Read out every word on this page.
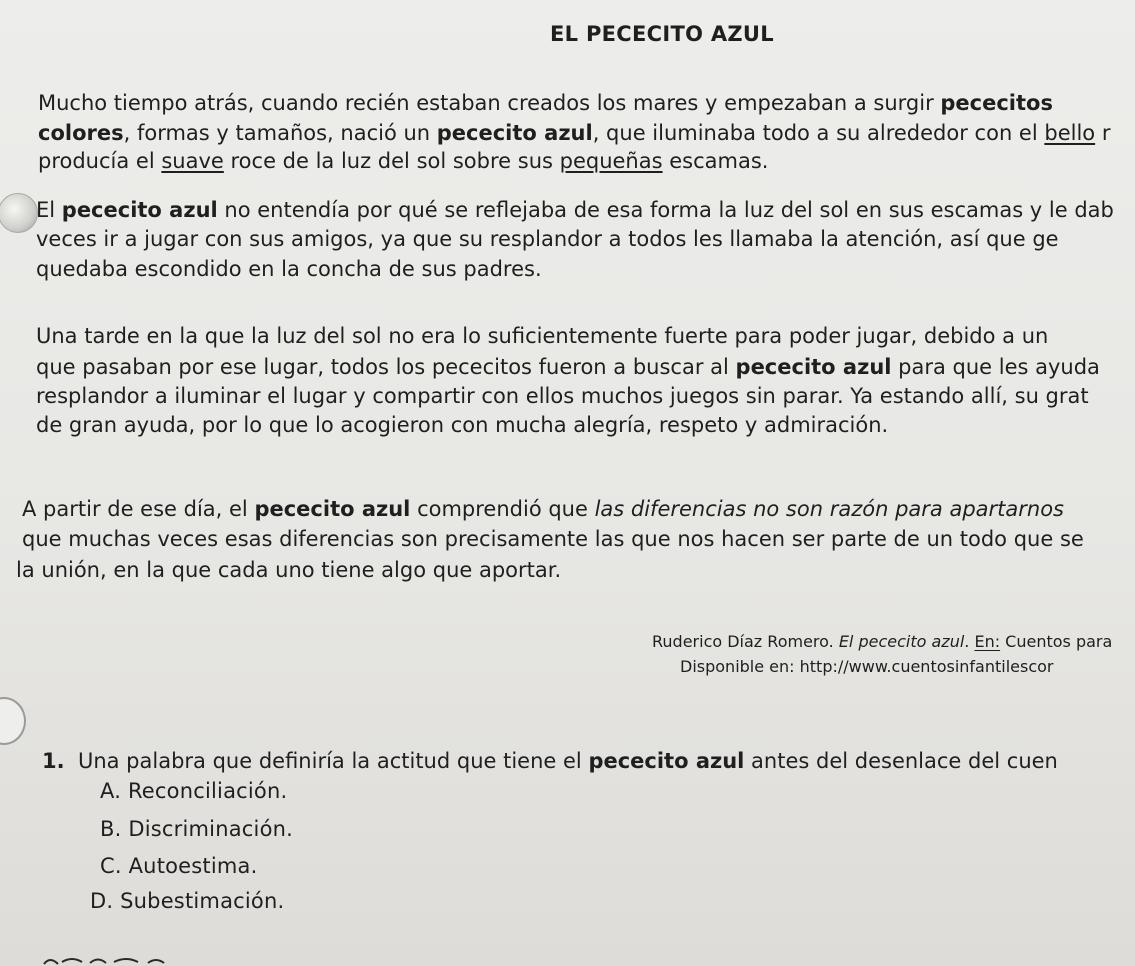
EL PECECITO AZUL
Mucho tiempo atrás, cuando recién estaban creados los mares y empezaban a surgir pececitos
colores, formas y tamaños, nació un pececito azul, que iluminaba todo a su alrededor con el bello r
producía el suave roce de la luz del sol sobre sus pequeñas escamas.
El pececito azul no entendía por qué se reflejaba de esa forma la luz del sol en sus escamas y le dab
veces ir a jugar con sus amigos, ya que su resplandor a todos les llamaba la atención, así que ge
quedaba escondido en la concha de sus padres.
Una tarde en la que la luz del sol no era lo suficientemente fuerte para poder jugar, debido a un
que pasaban por ese lugar, todos los pececitos fueron a buscar al pececito azul para que les ayuda
resplandor a iluminar el lugar y compartir con ellos muchos juegos sin parar. Ya estando allí, su grat
de gran ayuda, por lo que lo acogieron con mucha alegría, respeto y admiración.
A partir de ese día, el pececito azul comprendió que las diferencias no son razón para apartarnos
que muchas veces esas diferencias son precisamente las que nos hacen ser parte de un todo que se
la unión, en la que cada uno tiene algo que aportar.
Ruderico Díaz Romero. El pececito azul. En: Cuentos para
Disponible en: http://www.cuentosinfantilescor
1. Una palabra que definiría la actitud que tiene el pececito azul antes del desenlace del cuen
A. Reconciliación.
B. Discriminación.
C. Autoestima.
D. Subestimación.
